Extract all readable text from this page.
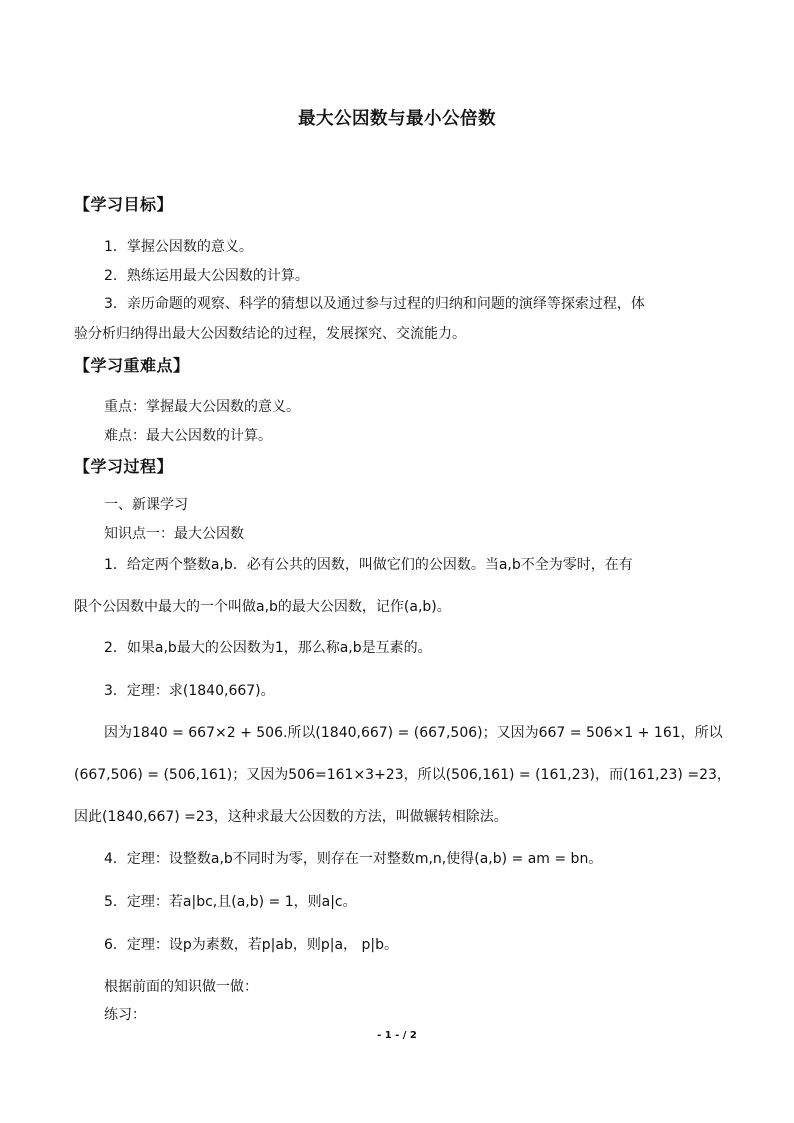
最大公因数与最小公倍数
【学习目标】
1．掌握公因数的意义。
2．熟练运用最大公因数的计算。
3．亲历命题的观察、科学的猜想以及通过参与过程的归纳和问题的演绎等探索过程，体
验分析归纳得出最大公因数结论的过程，发展探究、交流能力。
【学习重难点】
重点：掌握最大公因数的意义。
难点：最大公因数的计算。
【学习过程】
一、新课学习
知识点一：最大公因数
1．给定两个整数a,b．必有公共的因数，叫做它们的公因数。当a,b不全为零时，在有
限个公因数中最大的一个叫做a,b的最大公因数，记作(a,b)。
2．如果a,b最大的公因数为1，那么称a,b是互素的。
3．定理：求(1840,667)。
因为1840 = 667×2 + 506.所以(1840,667) = (667,506)；又因为667 = 506×1 + 161，所以
(667,506) = (506,161)；又因为506=161×3+23，所以(506,161) = (161,23)，而(161,23) =23，
因此(1840,667) =23，这种求最大公因数的方法，叫做辗转相除法。
4．定理：设整数a,b不同时为零，则存在一对整数m,n,使得(a,b) = am = bn。
5．定理：若a|bc,且(a,b) = 1，则a|c。
6．定理：设p为素数，若p|ab，则p|a， p|b。
根据前面的知识做一做：
练习：
- 1 - / 2
